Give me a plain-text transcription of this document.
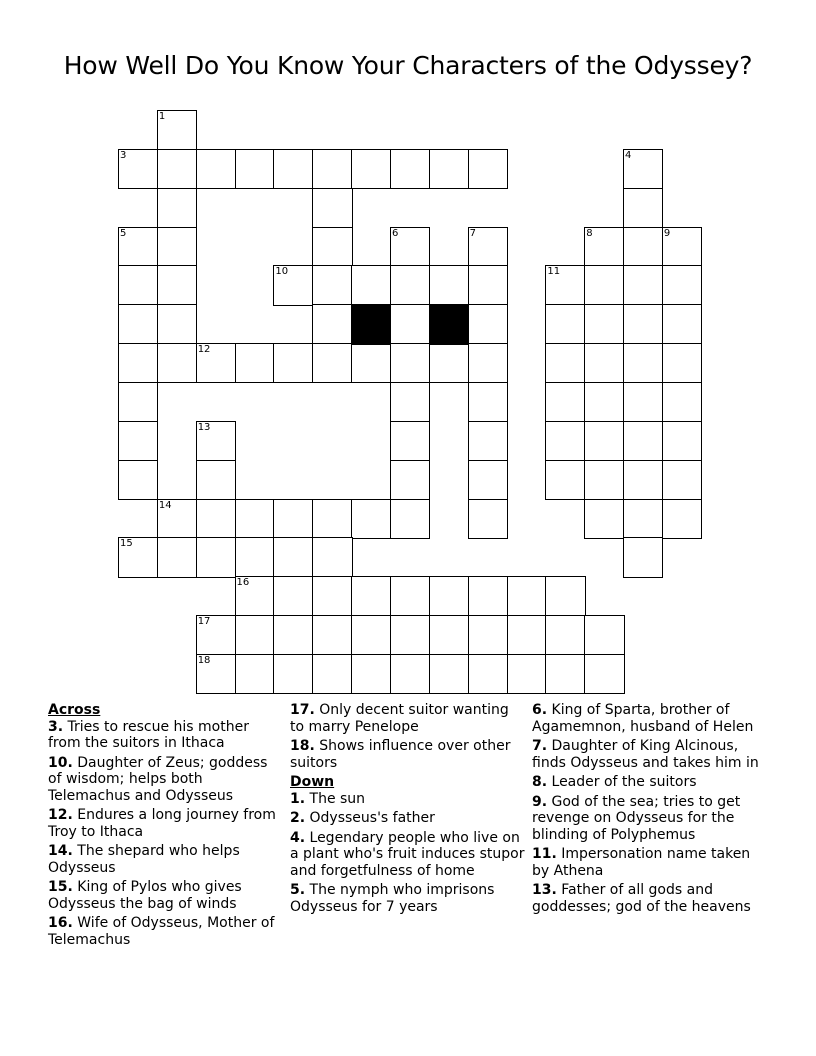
How Well Do You Know Your Characters of the Odyssey?
1
3	4
5	6	7	8	9
10	11
12
13
14
15
16
17
18

Across

3. Tries to rescue his mother from the suitors in Ithaca

10. Daughter of Zeus; goddess of wisdom; helps both Telemachus and Odysseus

12. Endures a long journey from Troy to Ithaca

14. The shepard who helps Odysseus

15. King of Pylos who gives Odysseus the bag of winds

16. Wife of Odysseus, Mother of Telemachus

17. Only decent suitor wanting to marry Penelope

18. Shows influence over other suitors

Down

1. The sun

2. Odysseus's father

4. Legendary people who live on a plant who's fruit induces stupor and forgetfulness of home

5. The nymph who imprisons Odysseus for 7 years

6. King of Sparta, brother of Agamemnon, husband of Helen

7. Daughter of King Alcinous, finds Odysseus and takes him in

8. Leader of the suitors

9. God of the sea; tries to get revenge on Odysseus for the blinding of Polyphemus

11. Impersonation name taken by Athena

13. Father of all gods and goddesses; god of the heavens
